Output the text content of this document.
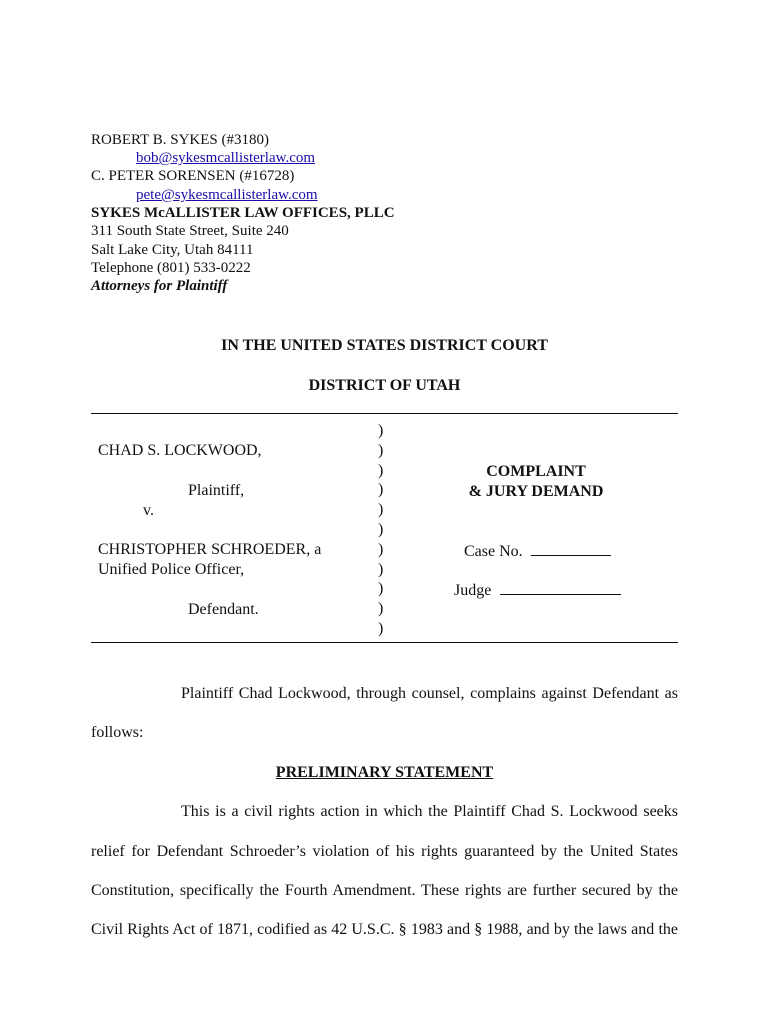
ROBERT B. SYKES (#3180)
bob@sykesmcallisterlaw.com
C. PETER SORENSEN (#16728)
pete@sykesmcallisterlaw.com
SYKES McALLISTER LAW OFFICES, PLLC
311 South State Street, Suite 240
Salt Lake City, Utah 84111
Telephone (801) 533-0222
Attorneys for Plaintiff
IN THE UNITED STATES DISTRICT COURT
DISTRICT OF UTAH
CHAD S. LOCKWOOD,
Plaintiff,
v.
CHRISTOPHER SCHROEDER, a
Unified Police Officer,
Defendant.
)
)
)
)
)
)
)
)
)
)
)
COMPLAINT
& JURY DEMAND
Case No.
Judge
Plaintiff Chad Lockwood, through counsel, complains against Defendant as
follows:
PRELIMINARY STATEMENT
This is a civil rights action in which the Plaintiff Chad S. Lockwood seeks
relief for Defendant Schroeder’s violation of his rights guaranteed by the United States
Constitution, specifically the Fourth Amendment. These rights are further secured by the
Civil Rights Act of 1871, codified as 42 U.S.C. § 1983 and § 1988, and by the laws and the
